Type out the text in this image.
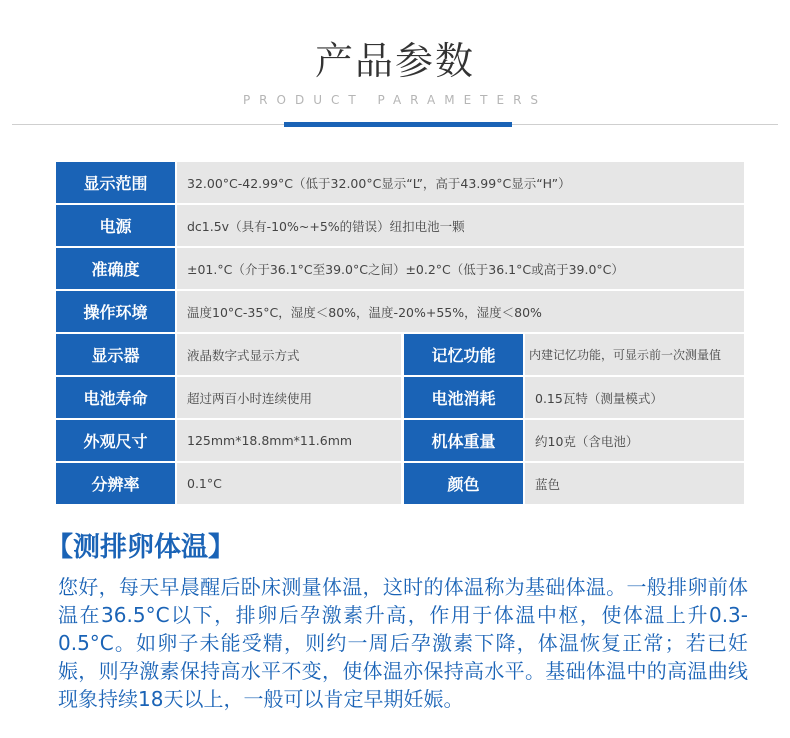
产品参数
PRODUCT PARAMETERS
显示范围	32.00°C-42.99°C（低于32.00°C显示“L”，高于43.99°C显示“H”）
电源	dc1.5v（具有-10%~+5%的错误）纽扣电池一颗
准确度	±01.°C（介于36.1°C至39.0°C之间）±0.2°C（低于36.1°C或高于39.0°C）
操作环境	温度10°C-35°C，湿度＜80%，温度-20%+55%，湿度＜80%
显示器	液晶数字式显示方式	记忆功能	内建记忆功能，可显示前一次测量值
电池寿命	超过两百小时连续使用	电池消耗	0.15瓦特（测量模式）
外观尺寸	125mm*18.8mm*11.6mm	机体重量	约10克（含电池）
分辨率	0.1°C	颜色	蓝色
【测排卵体温】
您好，每天早晨醒后卧床测量体温，这时的体温称为基础体温。一般排卵前体温在36.5°C以下，排卵后孕激素升高，作用于体温中枢，使体温上升0.3-0.5°C。如卵子未能受精，则约一周后孕激素下降，体温恢复正常；若已妊娠，则孕激素保持高水平不变，使体温亦保持高水平。基础体温中的高温曲线现象持续18天以上，一般可以肯定早期妊娠。
